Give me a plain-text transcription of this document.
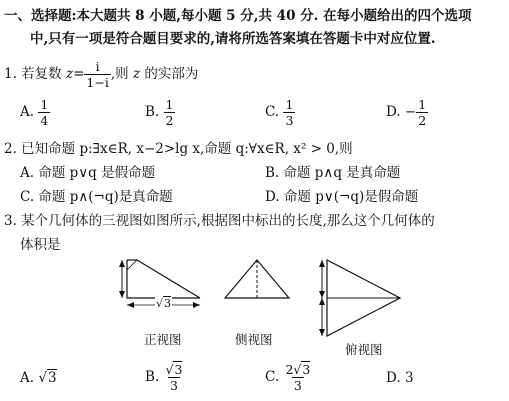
一、选择题:本大题共 8 小题,每小题 5 分,共 40 分. 在每小题给出的四个选项
中,只有一项是符合题目要求的,请将所选答案填在答题卡中对应位置.
1. 若复数 $z= \frac{i}{1-i}$ ,则 z 的实部为
A. $\frac{1}{4}$	B. $\frac{1}{2}$	C. $\frac{1}{3}$	D. − $\frac{1}{2}$
2. 已知命题 p:∃x∈R, x−2>lg x,命题 q:∀x∈R, x² > 0,则
A. 命题 p∨q 是假命题	B. 命题 p∧q 是真命题
C. 命题 p∧(¬q)是真命题	D. 命题 p∨(¬q)是假命题
3. 某个几何体的三视图如图所示,根据图中标出的长度,那么这个几何体的
体积是
√3
正视图	侧视图
俯视图
A. √3	B. $\frac{√3}{3}$	C. $\frac{2√3}{3}$	D. 3
